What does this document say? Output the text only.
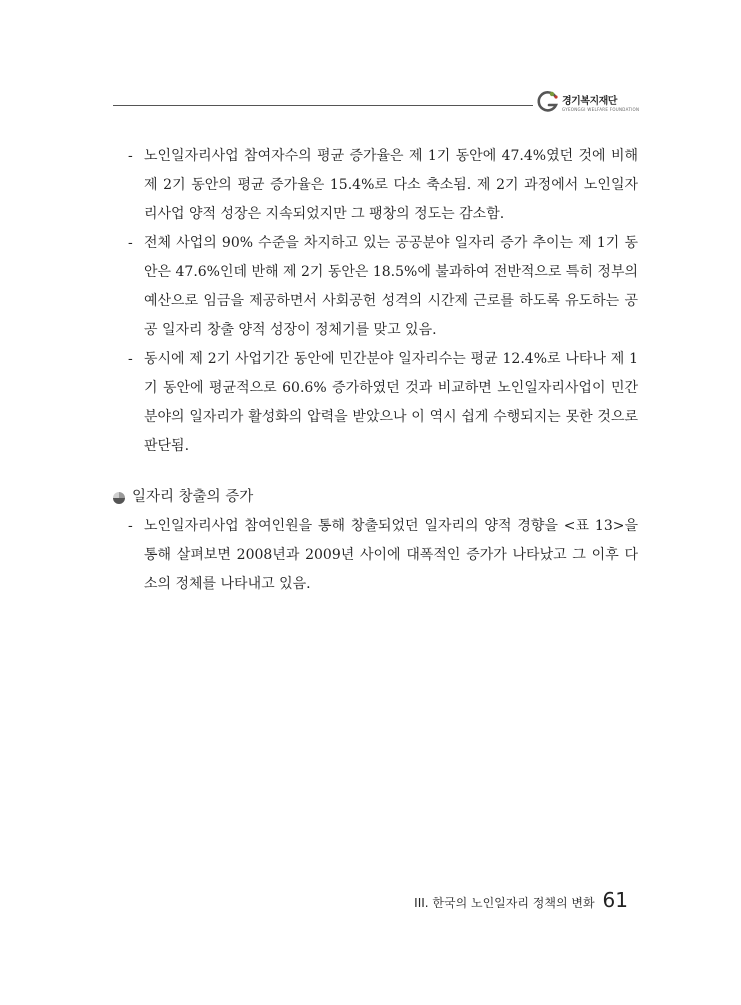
경기복지재단
GYEONGGI WELFARE FOUNDATION
- 노인일자리사업 참여자수의 평균 증가율은 제 1기 동안에 47.4%였던 것에 비해 제 2기 동안의 평균 증가율은 15.4%로 다소 축소됨. 제 2기 과정에서 노인일자리사업 양적 성장은 지속되었지만 그 팽창의 정도는 감소함.
- 전체 사업의 90% 수준을 차지하고 있는 공공분야 일자리 증가 추이는 제 1기 동안은 47.6%인데 반해 제 2기 동안은 18.5%에 불과하여 전반적으로 특히 정부의 예산으로 임금을 제공하면서 사회공헌 성격의 시간제 근로를 하도록 유도하는 공공 일자리 창출 양적 성장이 정체기를 맞고 있음.
- 동시에 제 2기 사업기간 동안에 민간분야 일자리수는 평균 12.4%로 나타나 제 1기 동안에 평균적으로 60.6% 증가하였던 것과 비교하면 노인일자리사업이 민간분야의 일자리가 활성화의 압력을 받았으나 이 역시 쉽게 수행되지는 못한 것으로 판단됨.
일자리 창출의 증가
- 노인일자리사업 참여인원을 통해 창출되었던 일자리의 양적 경향을 <표 13>을 통해 살펴보면 2008년과 2009년 사이에 대폭적인 증가가 나타났고 그 이후 다소의 정체를 나타내고 있음.
III. 한국의 노인일자리 정책의 변화 61
